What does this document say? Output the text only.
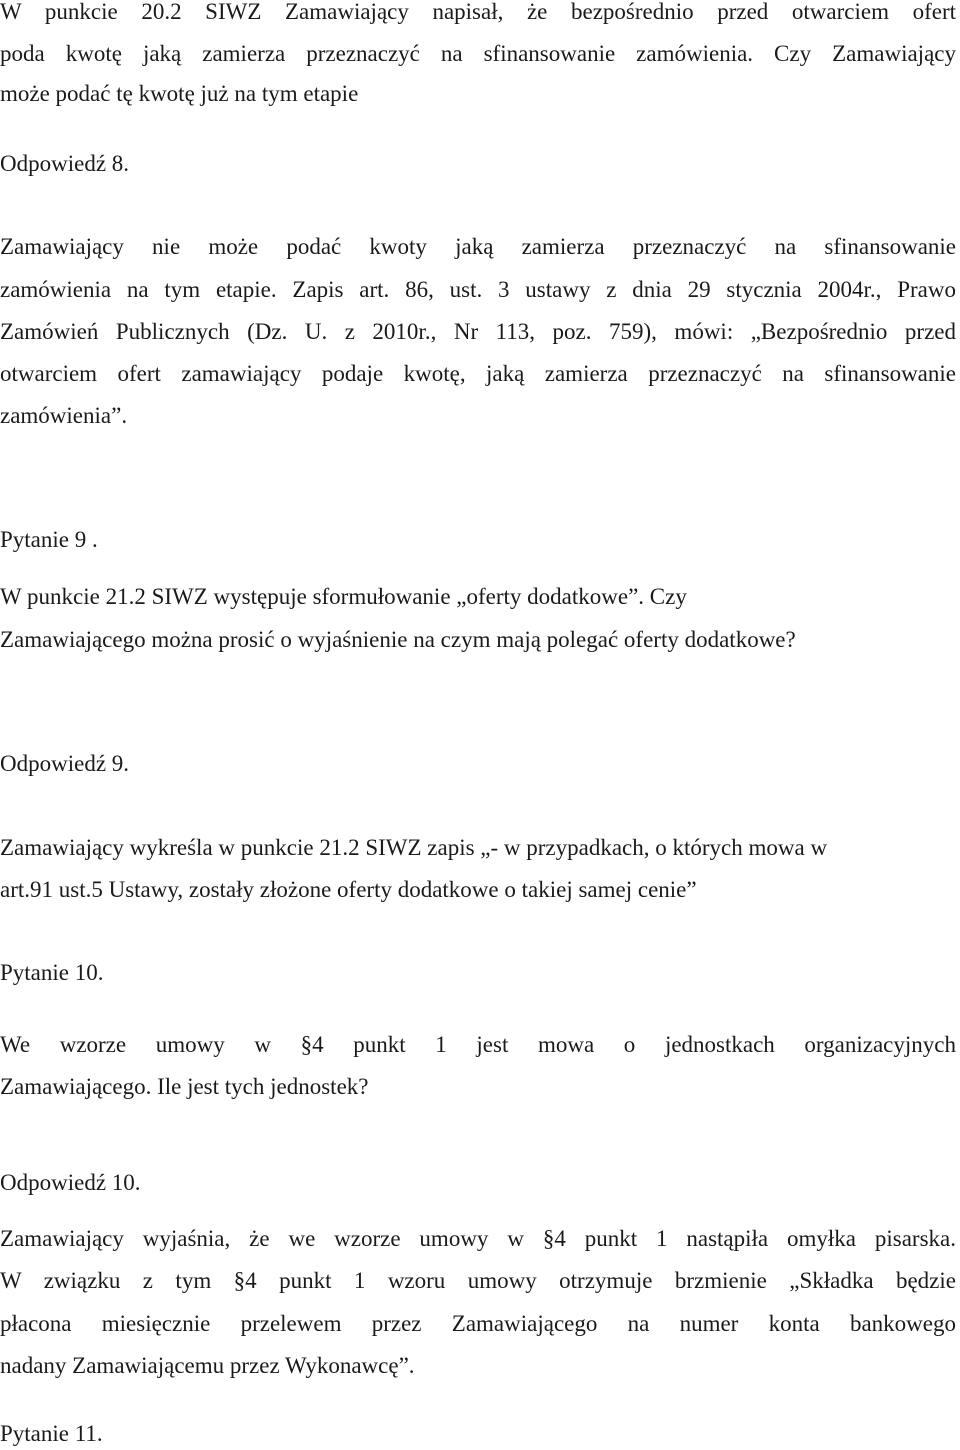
W punkcie 20.2 SIWZ Zamawiający napisał, że bezpośrednio przed otwarciem ofert
poda kwotę jaką zamierza przeznaczyć na sfinansowanie zamówienia. Czy Zamawiający
może podać tę kwotę już na tym etapie
Odpowiedź 8.
Zamawiający nie może podać kwoty jaką zamierza przeznaczyć na sfinansowanie
zamówienia na tym etapie. Zapis art. 86, ust. 3 ustawy z dnia 29 stycznia 2004r., Prawo
Zamówień Publicznych (Dz. U. z 2010r., Nr 113, poz. 759), mówi: „Bezpośrednio przed
otwarciem ofert zamawiający podaje kwotę, jaką zamierza przeznaczyć na sfinansowanie
zamówienia”.
Pytanie 9 .
W punkcie 21.2 SIWZ występuje sformułowanie „oferty dodatkowe”. Czy
Zamawiającego można prosić o wyjaśnienie na czym mają polegać oferty dodatkowe?
Odpowiedź 9.
Zamawiający wykreśla w punkcie 21.2 SIWZ zapis „- w przypadkach, o których mowa w
art.91 ust.5 Ustawy, zostały złożone oferty dodatkowe o takiej samej cenie”
Pytanie 10.
We wzorze umowy w §4 punkt 1 jest mowa o jednostkach organizacyjnych
Zamawiającego. Ile jest tych jednostek?
Odpowiedź 10.
Zamawiający wyjaśnia, że we wzorze umowy w §4 punkt 1 nastąpiła omyłka pisarska.
W związku z tym §4 punkt 1 wzoru umowy otrzymuje brzmienie „Składka będzie
płacona miesięcznie przelewem przez Zamawiającego na numer konta bankowego
nadany Zamawiającemu przez Wykonawcę”.
Pytanie 11.
